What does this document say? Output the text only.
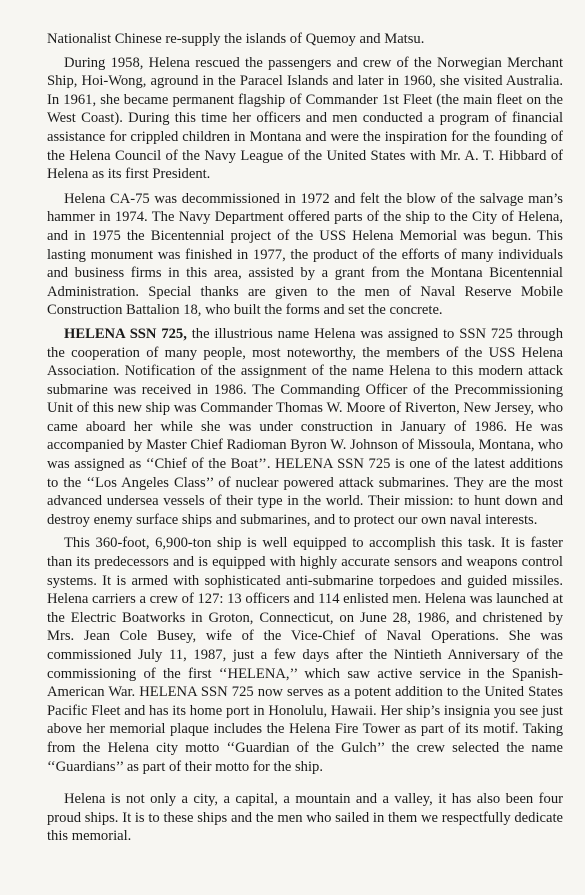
Nationalist Chinese re-supply the islands of Quemoy and Matsu.

During 1958, Helena rescued the passengers and crew of the Norwegian Merchant Ship, Hoi-Wong, aground in the Paracel Islands and later in 1960, she visited Australia. In 1961, she became permanent flagship of Commander 1st Fleet (the main fleet on the West Coast). During this time her officers and men conducted a program of financial assistance for crippled children in Montana and were the inspiration for the founding of the Helena Council of the Navy League of the United States with Mr. A. T. Hibbard of Helena as its first President.

Helena CA-75 was decommissioned in 1972 and felt the blow of the salvage man’s hammer in 1974. The Navy Department offered parts of the ship to the City of Helena, and in 1975 the Bicentennial project of the USS Helena Memorial was begun. This lasting monument was finished in 1977, the product of the efforts of many individuals and business firms in this area, assisted by a grant from the Montana Bicentennial Administration. Special thanks are given to the men of Naval Reserve Mobile Construction Battalion 18, who built the forms and set the concrete.

HELENA SSN 725, the illustrious name Helena was assigned to SSN 725 through the cooperation of many people, most noteworthy, the members of the USS Helena Association. Notification of the assignment of the name Helena to this modern attack submarine was received in 1986. The Commanding Officer of the Precommissioning Unit of this new ship was Commander Thomas W. Moore of Riverton, New Jersey, who came aboard her while she was under construction in January of 1986. He was accompanied by Master Chief Radioman Byron W. Johnson of Missoula, Montana, who was assigned as ‘‘Chief of the Boat’’. HELENA SSN 725 is one of the latest additions to the ‘‘Los Angeles Class’’ of nuclear powered attack submarines. They are the most advanced undersea vessels of their type in the world. Their mission: to hunt down and destroy enemy surface ships and submarines, and to protect our own naval interests.

This 360-foot, 6,900-ton ship is well equipped to accomplish this task. It is faster than its predecessors and is equipped with highly accurate sensors and weapons control systems. It is armed with sophisticated anti-submarine torpedoes and guided missiles. Helena carriers a crew of 127: 13 officers and 114 enlisted men. Helena was launched at the Electric Boatworks in Groton, Connecticut, on June 28, 1986, and christened by Mrs. Jean Cole Busey, wife of the Vice-Chief of Naval Operations. She was commissioned July 11, 1987, just a few days after the Nintieth Anniversary of the commissioning of the first ‘‘HELENA,’’ which saw active service in the Spanish-American War. HELENA SSN 725 now serves as a potent addition to the United States Pacific Fleet and has its home port in Honolulu, Hawaii. Her ship’s insignia you see just above her memorial plaque includes the Helena Fire Tower as part of its motif. Taking from the Helena city motto ‘‘Guardian of the Gulch’’ the crew selected the name ‘‘Guardians’’ as part of their motto for the ship.

Helena is not only a city, a capital, a mountain and a valley, it has also been four proud ships. It is to these ships and the men who sailed in them we respectfully dedicate this memorial.
